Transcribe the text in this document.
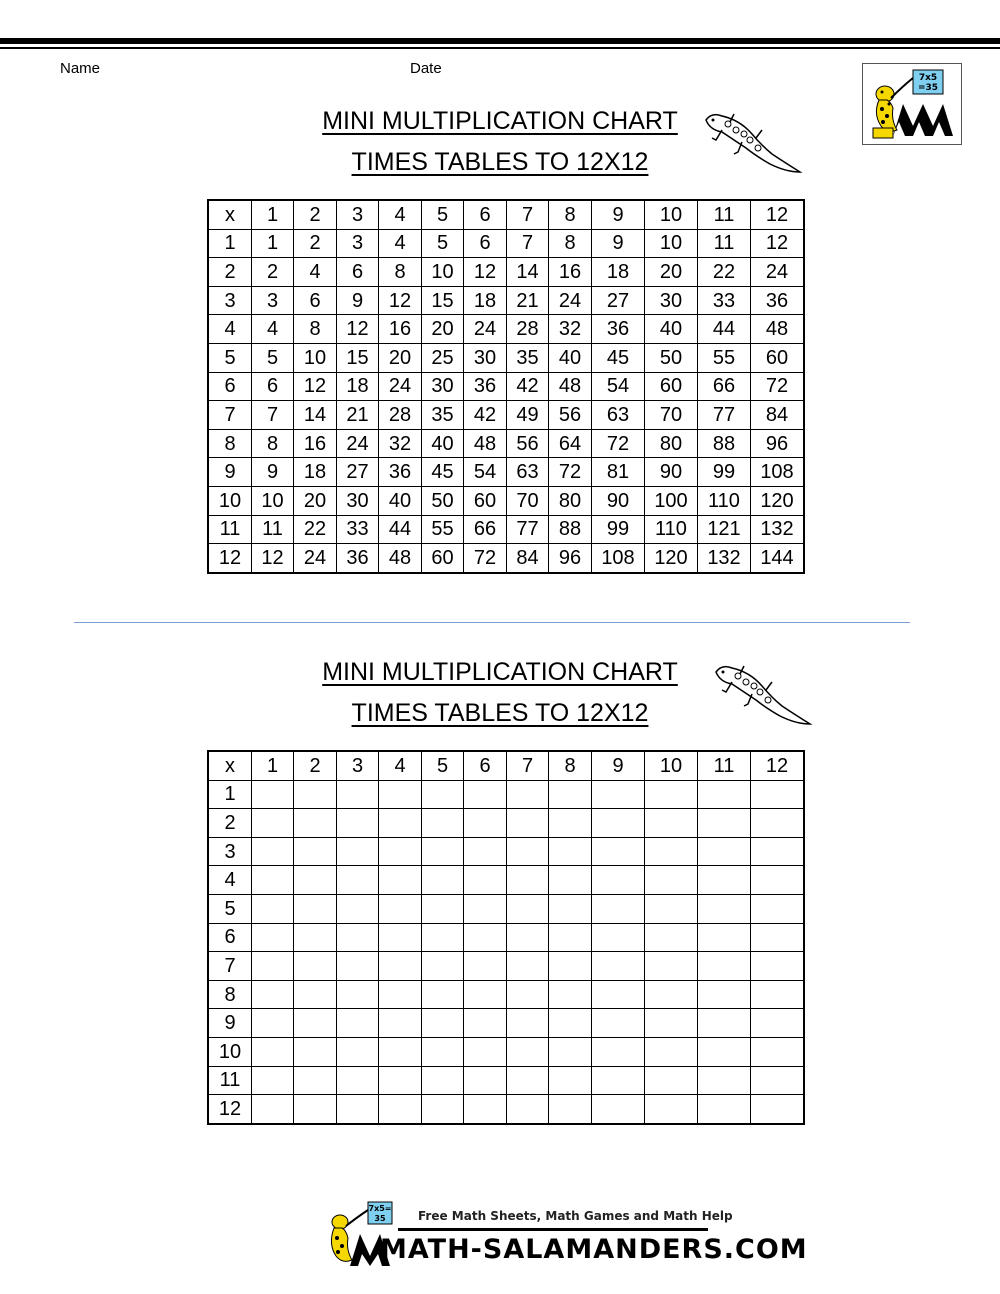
Name	Date
7x5
=35
MINI MULTIPLICATION CHART
TIMES TABLES TO 12X12
x	1	2	3	4	5	6	7	8	9	10	11	12
1	1	2	3	4	5	6	7	8	9	10	11	12
2	2	4	6	8	10	12	14	16	18	20	22	24
3	3	6	9	12	15	18	21	24	27	30	33	36
4	4	8	12	16	20	24	28	32	36	40	44	48
5	5	10	15	20	25	30	35	40	45	50	55	60
6	6	12	18	24	30	36	42	48	54	60	66	72
7	7	14	21	28	35	42	49	56	63	70	77	84
8	8	16	24	32	40	48	56	64	72	80	88	96
9	9	18	27	36	45	54	63	72	81	90	99	108
10	10	20	30	40	50	60	70	80	90	100	110	120
11	11	22	33	44	55	66	77	88	99	110	121	132
12	12	24	36	48	60	72	84	96	108	120	132	144
MINI MULTIPLICATION CHART
TIMES TABLES TO 12X12
x	1	2	3	4	5	6	7	8	9	10	11	12
1												
2												
3												
4												
5												
6												
7												
8												
9												
10												
11												
12												
7x5=
35	Free Math Sheets, Math Games and Math Help
MATH-SALAMANDERS.COM
